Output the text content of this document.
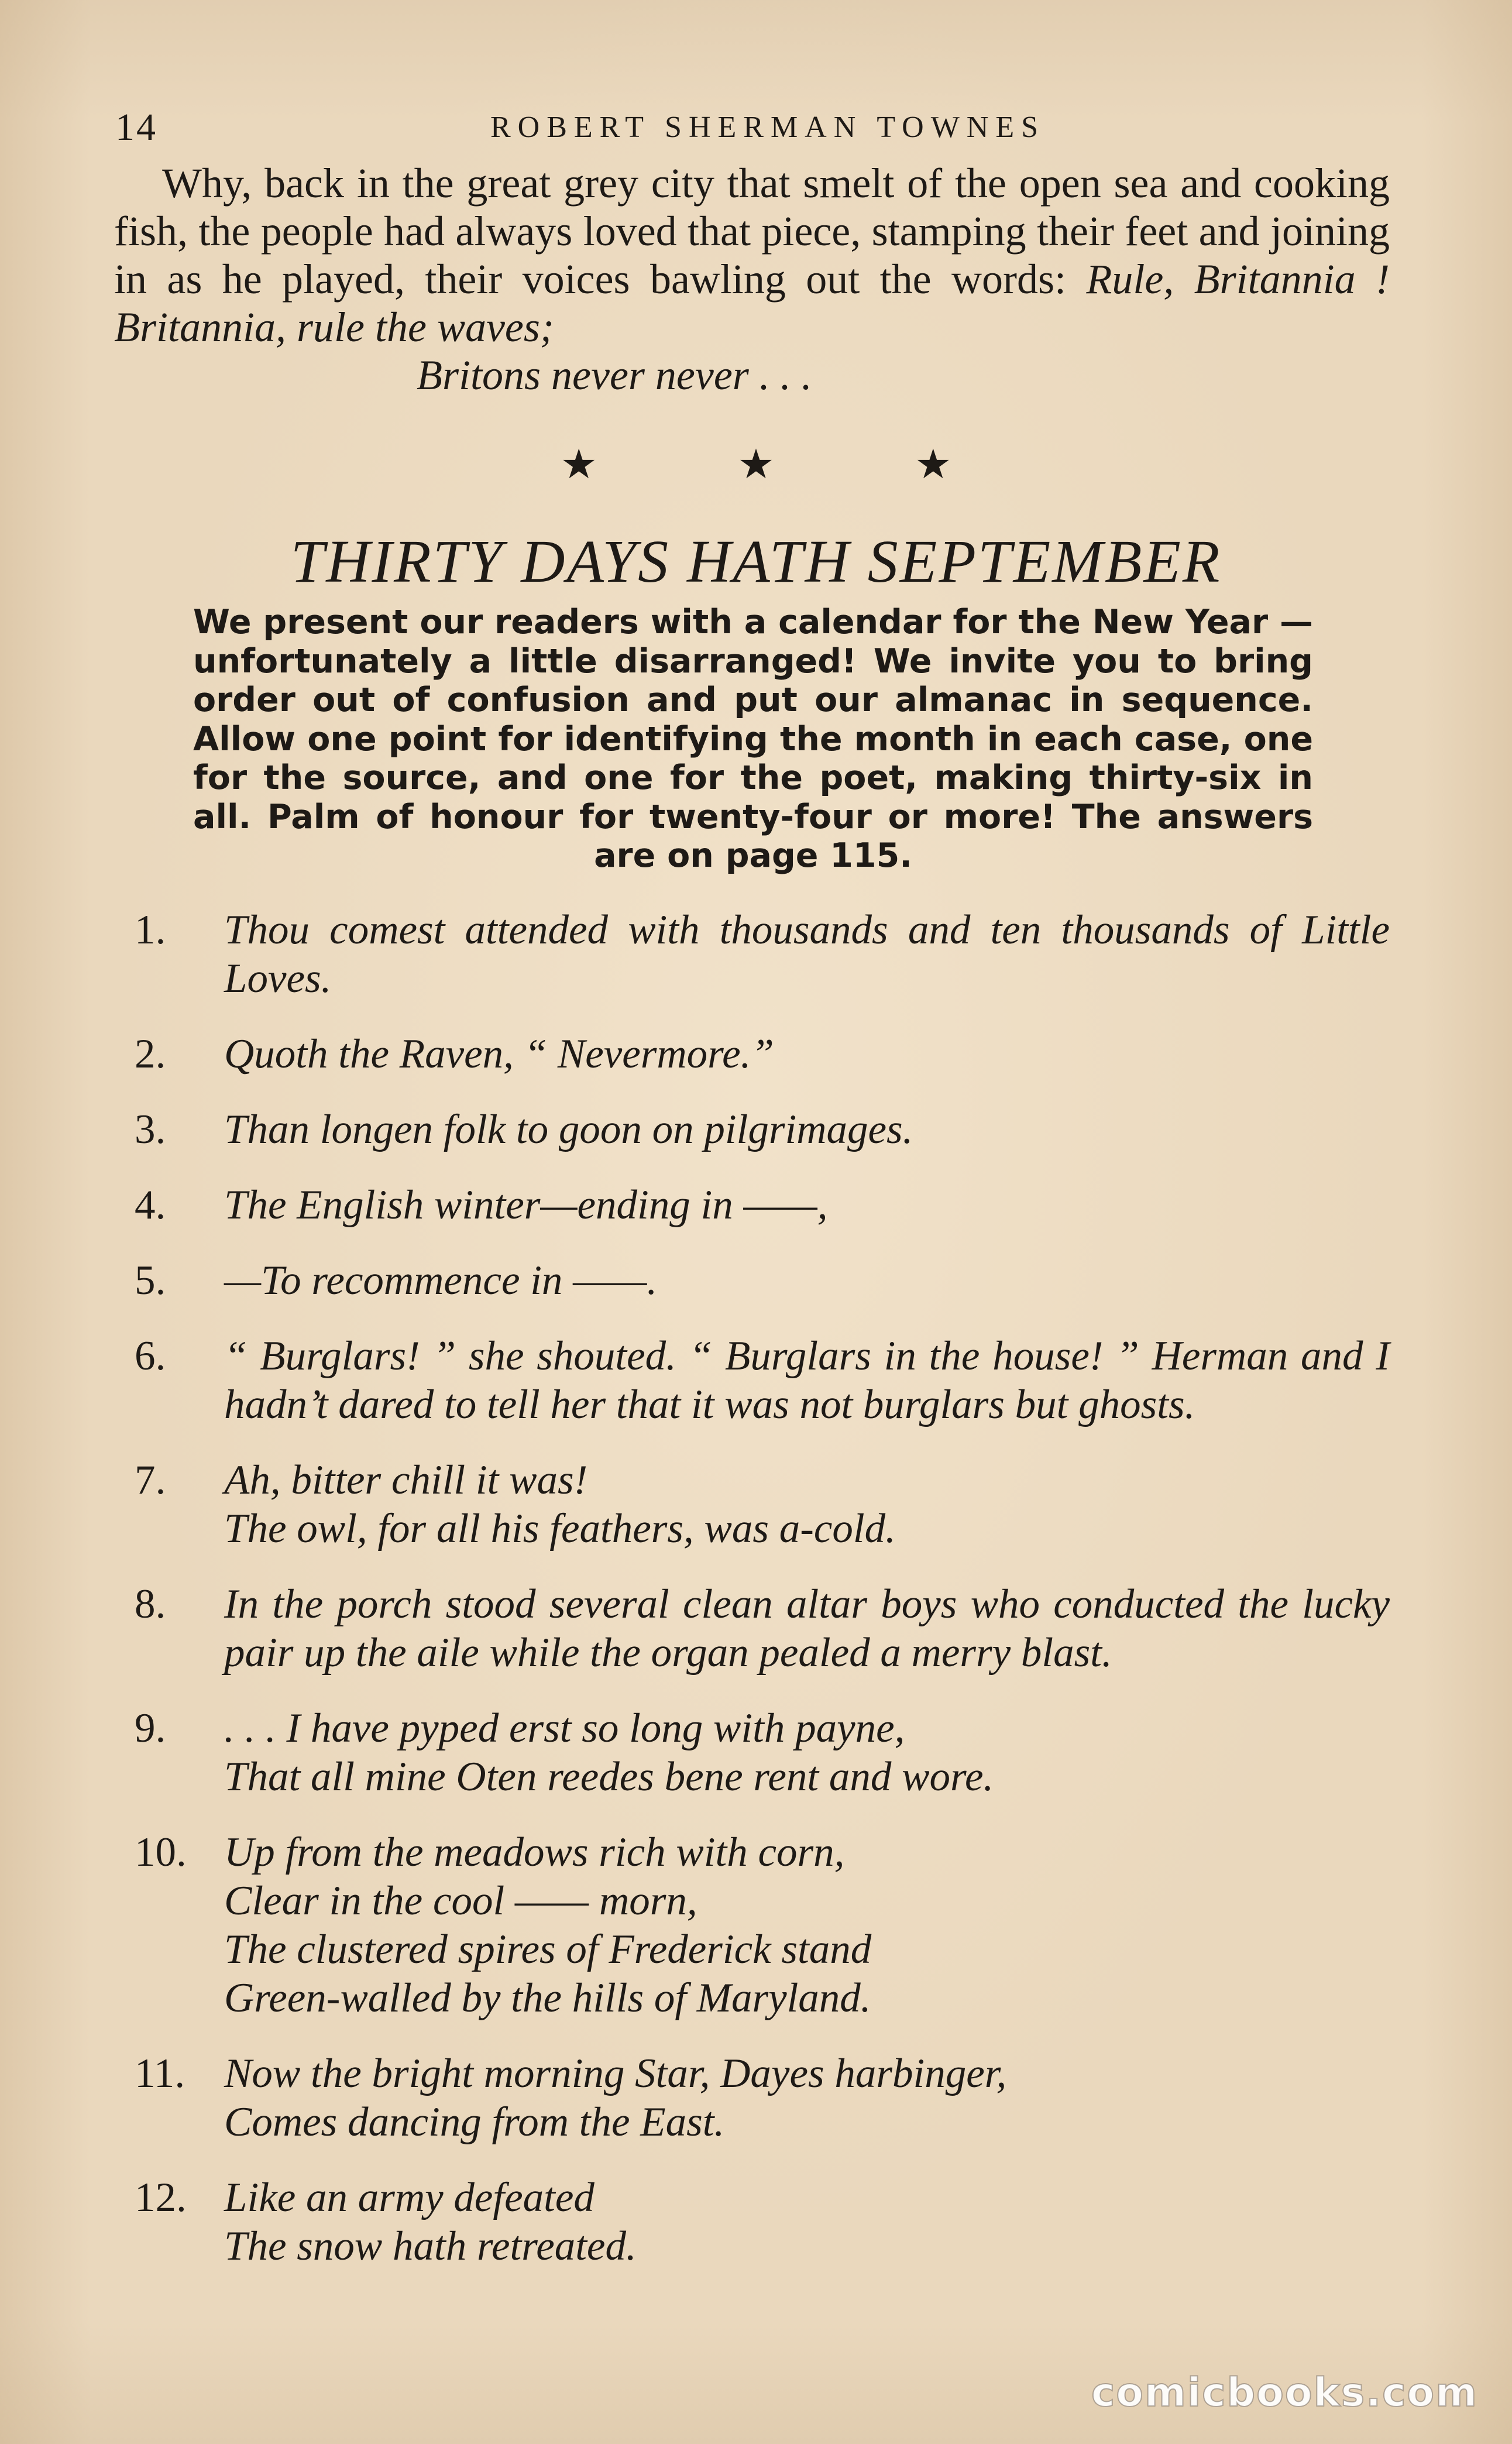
14	ROBERT SHERMAN TOWNES

Why, back in the great grey city that smelt of the open sea and cooking fish, the people had always loved that piece, stamping their feet and joining in as he played, their voices bawling out the words: Rule, Britannia ! Britannia, rule the waves;

Britons never never . . .

★	★	★
THIRTY DAYS HATH SEPTEMBER
We present our readers with a calendar for the New Year —unfortunately a little disarranged! We invite you to bring order out of confusion and put our almanac in sequence. Allow one point for identifying the month in each case, one for the source, and one for the poet, making thirty-six in all. Palm of honour for twenty-four or more! The answers are on page 115.
1. Thou comest attended with thousands and ten thousands of Little Loves.
2. Quoth the Raven, “ Nevermore.”
3. Than longen folk to goon on pilgrimages.
4. The English winter—ending in ——,
5. —To recommence in ——.
6. “ Burglars! ” she shouted. “ Burglars in the house! ” Herman and I hadn’t dared to tell her that it was not burglars but ghosts.
7. Ah, bitter chill it was!
The owl, for all his feathers, was a-cold.
8. In the porch stood several clean altar boys who conducted the lucky pair up the aile while the organ pealed a merry blast.
9. . . . I have pyped erst so long with payne,
That all mine Oten reedes bene rent and wore.
10. Up from the meadows rich with corn,
Clear in the cool —— morn,
The clustered spires of Frederick stand
Green-walled by the hills of Maryland.
11. Now the bright morning Star, Dayes harbinger,
Comes dancing from the East.
12. Like an army defeated
The snow hath retreated.
comicbooks.com
